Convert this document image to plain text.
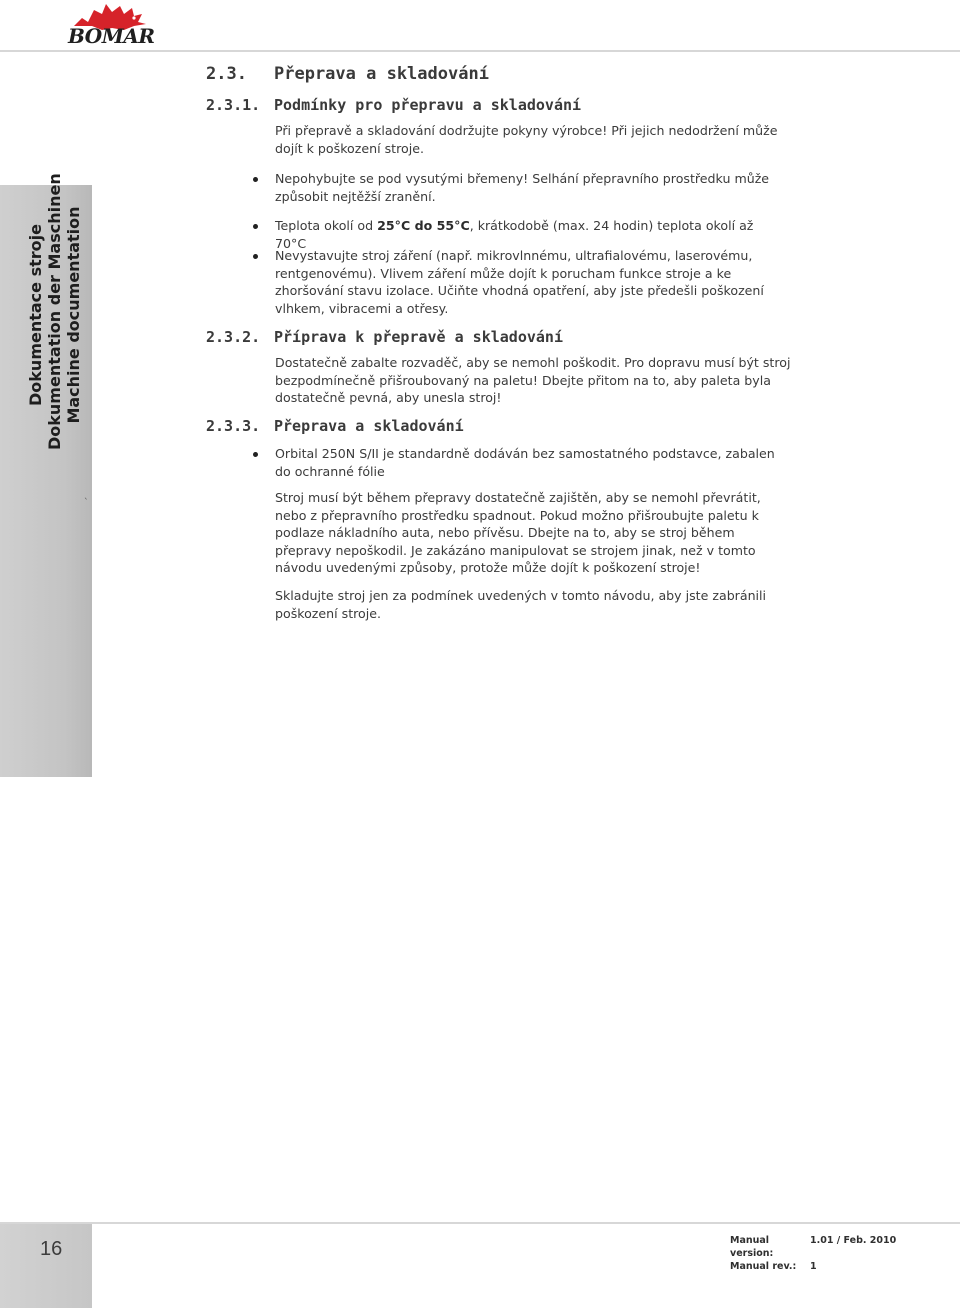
BOMAR
Dokumentace stroje Dokumentation der Maschinen Machine documentation
ˋ
2.3. Přeprava a skladování
2.3.1. Podmínky pro přepravu a skladování
Při přepravě a skladování dodržujte pokyny výrobce! Při jejich nedodržení může dojít k poškození stroje.
Nepohybujte se pod vysutými břemeny! Selhání přepravního prostředku může způsobit nejtěžší zranění.
Teplota okolí od 25°C do 55°C, krátkodobě (max. 24 hodin) teplota okolí až 70°C
Nevystavujte stroj záření (např. mikrovlnnému, ultrafialovému, laserovému, rentgenovému). Vlivem záření může dojít k porucham funkce stroje a ke zhoršování stavu izolace. Učiňte vhodná opatření, aby jste předešli poškození vlhkem, vibracemi a otřesy.
2.3.2. Příprava k přepravě a skladování
Dostatečně zabalte rozvaděč, aby se nemohl poškodit. Pro dopravu musí být stroj bezpodmínečně přišroubovaný na paletu! Dbejte přitom na to, aby paleta byla dostatečně pevná, aby unesla stroj!
2.3.3. Přeprava a skladování
Orbital 250N S/II je standardně dodáván bez samostatného podstavce, zabalen do ochranné fólie
Stroj musí být během přepravy dostatečně zajištěn, aby se nemohl převrátit, nebo z přepravního prostředku spadnout. Pokud možno přišroubujte paletu k podlaze nákladního auta, nebo přívěsu. Dbejte na to, aby se stroj během přepravy nepoškodil. Je zakázáno manipulovat se strojem jinak, než v tomto návodu uvedenými způsoby, protože může dojít k poškození stroje!
Skladujte stroj jen za podmínek uvedených v tomto návodu, aby jste zabránili poškození stroje.
16	Manual version:
1.01 / Feb. 2010
Manual rev.:	1
